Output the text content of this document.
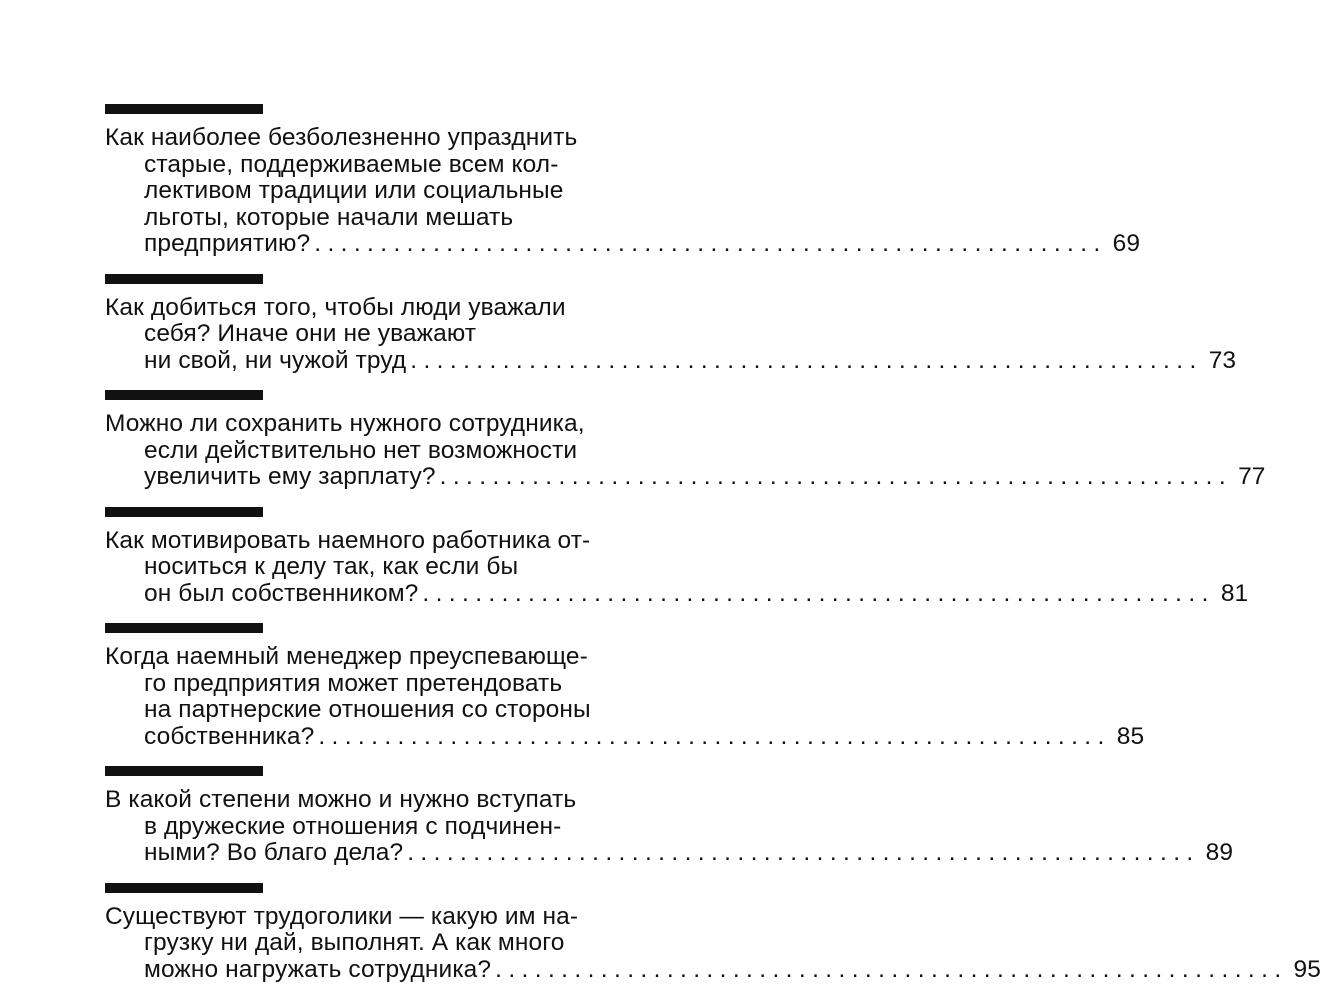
Как наиболее безболезненно упразднить
старые, поддерживаемые всем кол-
лективом традиции или социальные
льготы, которые начали мешать
предприятию? ............................................................ 69
Как добиться того, чтобы люди уважали
себя? Иначе они не уважают
ни свой, ни чужой труд ............................................................ 73
Можно ли сохранить нужного сотрудника,
если действительно нет возможности
увеличить ему зарплату? ............................................................ 77
Как мотивировать наемного работника от-
носиться к делу так, как если бы
он был собственником? ............................................................ 81
Когда наемный менеджер преуспевающе-
го предприятия может претендовать
на партнерские отношения со стороны
собственника? ............................................................ 85
В какой степени можно и нужно вступать
в дружеские отношения с подчинен-
ными? Во благо дела? ............................................................ 89
Существуют трудоголики — какую им на-
грузку ни дай, выполнят. А как много
можно нагружать сотрудника? ............................................................ 95
